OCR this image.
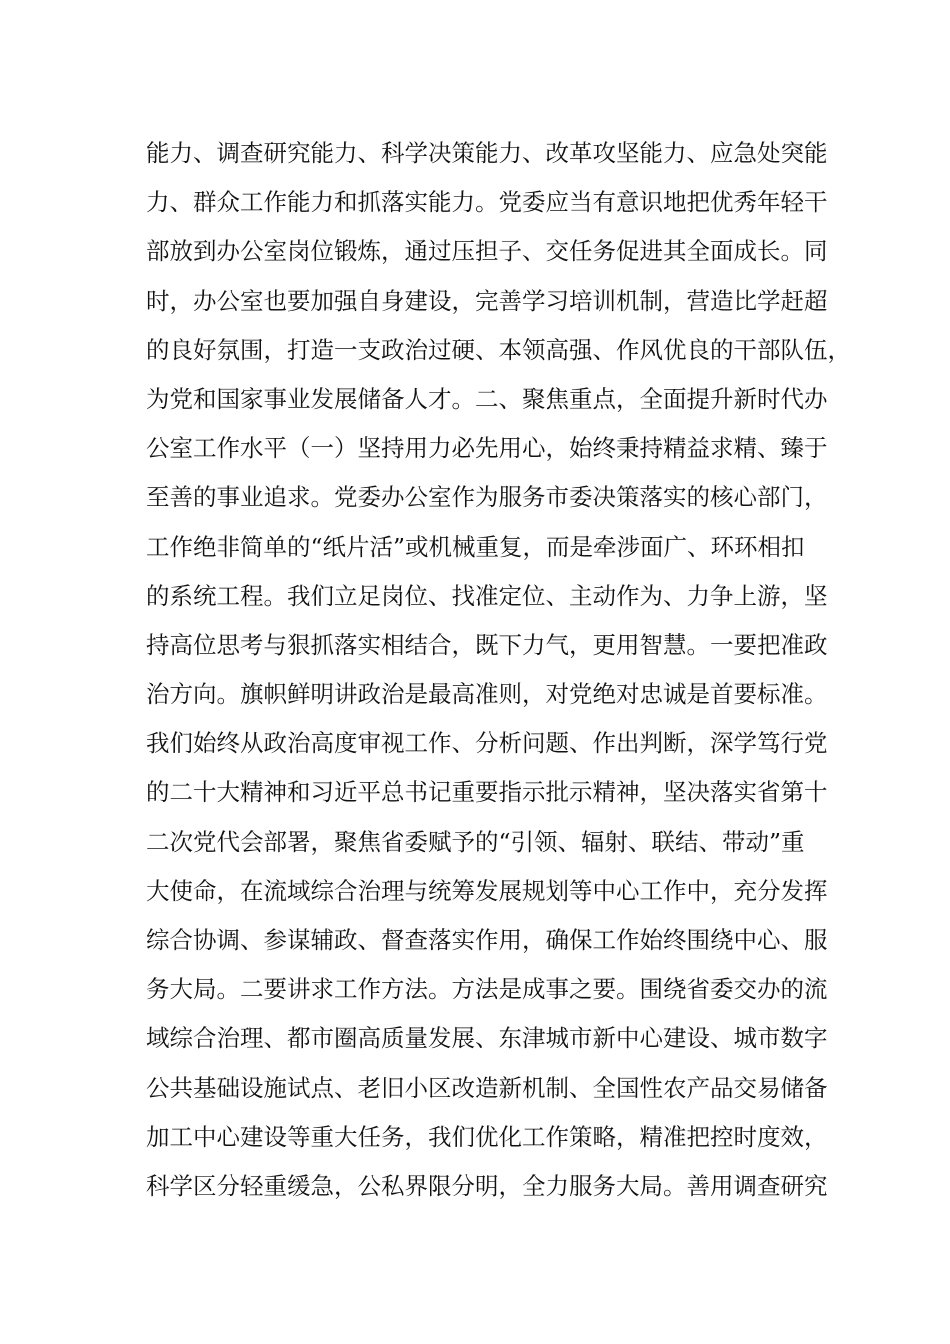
能力、调查研究能力、科学决策能力、改革攻坚能力、应急处突能
力、群众工作能力和抓落实能力。党委应当有意识地把优秀年轻干
部放到办公室岗位锻炼，通过压担子、交任务促进其全面成长。同
时，办公室也要加强自身建设，完善学习培训机制，营造比学赶超
的良好氛围，打造一支政治过硬、本领高强、作风优良的干部队伍，
为党和国家事业发展储备人才。二、聚焦重点，全面提升新时代办
公室工作水平（一）坚持用力必先用心，始终秉持精益求精、臻于
至善的事业追求。党委办公室作为服务市委决策落实的核心部门，
工作绝非简单的“纸片活”或机械重复，而是牵涉面广、环环相扣
的系统工程。我们立足岗位、找准定位、主动作为、力争上游，坚
持高位思考与狠抓落实相结合，既下力气，更用智慧。一要把准政
治方向。旗帜鲜明讲政治是最高准则，对党绝对忠诚是首要标准。
我们始终从政治高度审视工作、分析问题、作出判断，深学笃行党
的二十大精神和习近平总书记重要指示批示精神，坚决落实省第十
二次党代会部署，聚焦省委赋予的“引领、辐射、联结、带动”重
大使命，在流域综合治理与统筹发展规划等中心工作中，充分发挥
综合协调、参谋辅政、督查落实作用，确保工作始终围绕中心、服
务大局。二要讲求工作方法。方法是成事之要。围绕省委交办的流
域综合治理、都市圈高质量发展、东津城市新中心建设、城市数字
公共基础设施试点、老旧小区改造新机制、全国性农产品交易储备
加工中心建设等重大任务，我们优化工作策略，精准把控时度效，
科学区分轻重缓急，公私界限分明，全力服务大局。善用调查研究
